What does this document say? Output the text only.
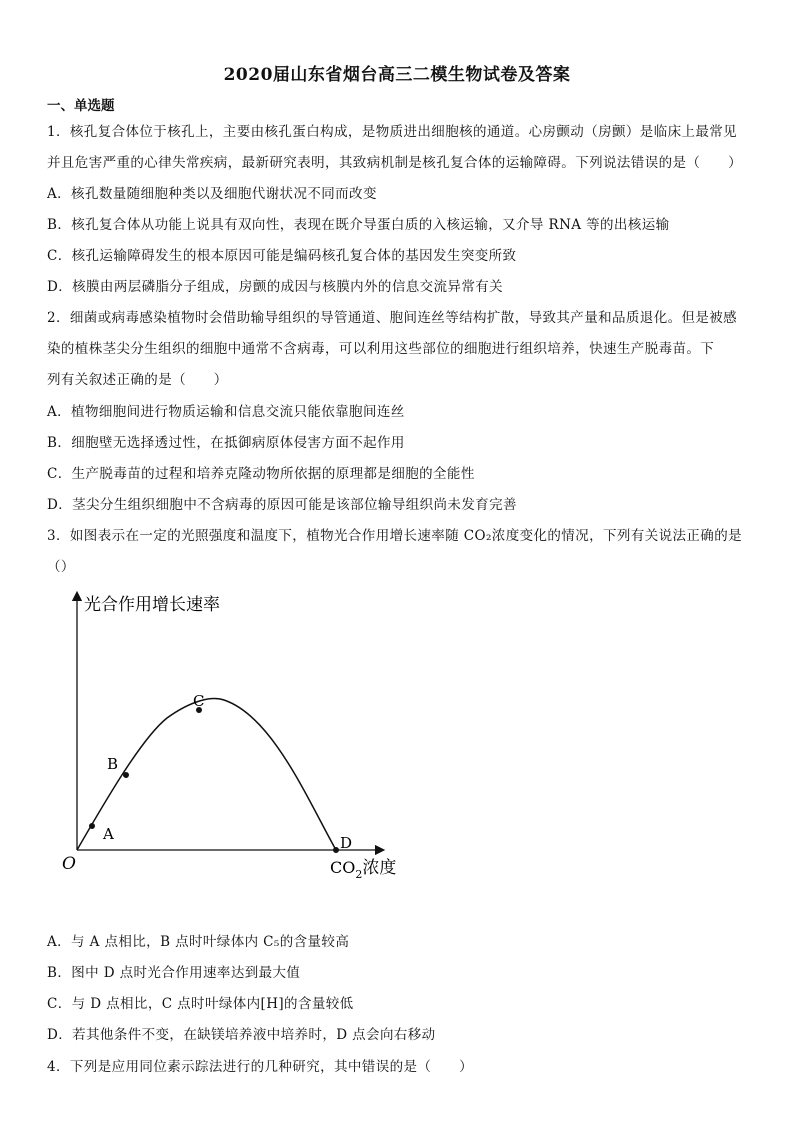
2020届山东省烟台高三二模生物试卷及答案
一、单选题
1．核孔复合体位于核孔上，主要由核孔蛋白构成，是物质进出细胞核的通道。心房颤动（房颤）是临床上最常见
并且危害严重的心律失常疾病，最新研究表明，其致病机制是核孔复合体的运输障碍。下列说法错误的是（　　）
A．核孔数量随细胞种类以及细胞代谢状况不同而改变
B．核孔复合体从功能上说具有双向性，表现在既介导蛋白质的入核运输，又介导 RNA 等的出核运输
C．核孔运输障碍发生的根本原因可能是编码核孔复合体的基因发生突变所致
D．核膜由两层磷脂分子组成，房颤的成因与核膜内外的信息交流异常有关
2．细菌或病毒感染植物时会借助输导组织的导管通道、胞间连丝等结构扩散，导致其产量和品质退化。但是被感
染的植株茎尖分生组织的细胞中通常不含病毒，可以利用这些部位的细胞进行组织培养，快速生产脱毒苗。下
列有关叙述正确的是（　　）
A．植物细胞间进行物质运输和信息交流只能依靠胞间连丝
B．细胞壁无选择透过性，在抵御病原体侵害方面不起作用
C．生产脱毒苗的过程和培养克隆动物所依据的原理都是细胞的全能性
D．茎尖分生组织细胞中不含病毒的原因可能是该部位输导组织尚未发育完善
3．如图表示在一定的光照强度和温度下，植物光合作用增长速率随 CO₂浓度变化的情况，下列有关说法正确的是
（）
光合作用增长速率
O
A
B
C
D
$CO_2$浓度
A．与 A 点相比，B 点时叶绿体内 C₅的含量较高
B．图中 D 点时光合作用速率达到最大值
C．与 D 点相比，C 点时叶绿体内[H]的含量较低
D．若其他条件不变，在缺镁培养液中培养时，D 点会向右移动
4．下列是应用同位素示踪法进行的几种研究，其中错误的是（　　）
